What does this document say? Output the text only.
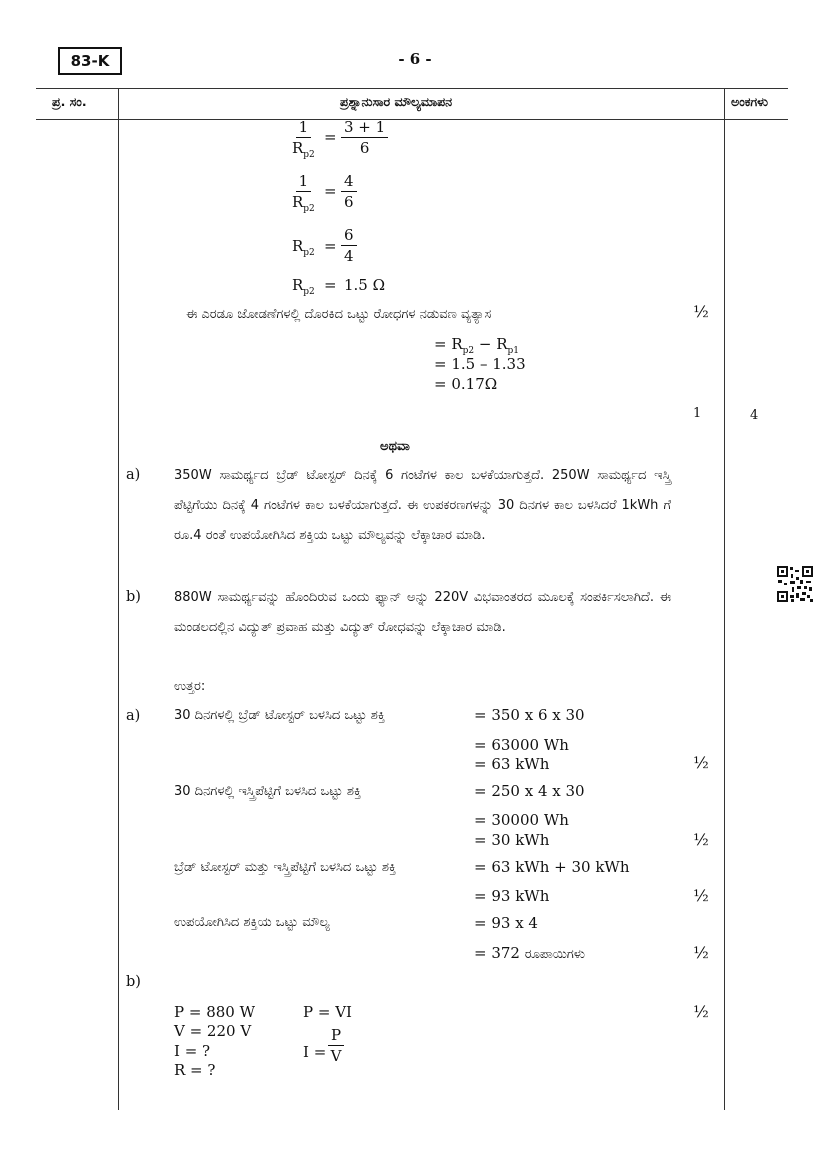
83-K	- 6 -
ಪ್ರ. ಸಂ.	ಪ್ರಶ್ನಾನುಸಾರ ಮೌಲ್ಯಮಾಪನ	ಅಂಕಗಳು
$\frac{1}{R_{p2}} = \frac{3 + 1}{6}$
$\frac{1}{R_{p2}} = \frac{4}{6}$
$R_{p2} = \frac{6}{4}$
$R_{p2} = 1.5$ Ω
ಈ ಎರಡೂ ಜೋಡಣೆಗಳಲ್ಲಿ ದೊರಕಿದ ಒಟ್ಟು ರೋಧಗಳ ನಡುವಣ ವ್ಯತ್ಯಾಸ	½
= $R_{p2} - R_{p1}$
= 1.5 – 1.33
= 0.17Ω
1	4
ಅಥವಾ
a)	350W ಸಾಮರ್ಥ್ಯದ ಬ್ರೆಡ್ ಟೋಸ್ಟರ್ ದಿನಕ್ಕೆ 6 ಗಂಟೆಗಳ ಕಾಲ ಬಳಕೆಯಾಗುತ್ತದೆ. 250W ಸಾಮರ್ಥ್ಯದ ಇಸ್ತ್ರಿ ಪೆಟ್ಟಿಗೆಯು ದಿನಕ್ಕೆ 4 ಗಂಟೆಗಳ ಕಾಲ ಬಳಕೆಯಾಗುತ್ತದೆ. ಈ ಉಪಕರಣಗಳನ್ನು 30 ದಿನಗಳ ಕಾಲ ಬಳಸಿದರೆ 1kWh ಗೆ ರೂ.4 ರಂತೆ ಉಪಯೋಗಿಸಿದ ಶಕ್ತಿಯ ಒಟ್ಟು ಮೌಲ್ಯವನ್ನು ಲೆಕ್ಕಾಚಾರ ಮಾಡಿ.
b)	880W ಸಾಮರ್ಥ್ಯವನ್ನು ಹೊಂದಿರುವ ಒಂದು ಫ್ಯಾನ್ ಅನ್ನು 220V ವಿಭವಾಂತರದ ಮೂಲಕ್ಕೆ ಸಂಪರ್ಕಿಸಲಾಗಿದೆ. ಈ ಮಂಡಲದಲ್ಲಿನ ವಿದ್ಯುತ್ ಪ್ರವಾಹ ಮತ್ತು ವಿದ್ಯುತ್ ರೋಧವನ್ನು ಲೆಕ್ಕಾಚಾರ ಮಾಡಿ.
ಉತ್ತರ:
a)	30 ದಿನಗಳಲ್ಲಿ ಬ್ರೆಡ್ ಟೋಸ್ಟರ್ ಬಳಸಿದ ಒಟ್ಟು ಶಕ್ತಿ	= 350 x 6 x 30
= 63000 Wh
= 63 kWh	½
30 ದಿನಗಳಲ್ಲಿ ಇಸ್ತ್ರಿಪೆಟ್ಟಿಗೆ ಬಳಸಿದ ಒಟ್ಟು ಶಕ್ತಿ	= 250 x 4 x 30
= 30000 Wh
= 30 kWh	½
ಬ್ರೆಡ್ ಟೋಸ್ಟರ್ ಮತ್ತು ಇಸ್ತ್ರಿಪೆಟ್ಟಿಗೆ ಬಳಸಿದ ಒಟ್ಟು ಶಕ್ತಿ	= 63 kWh + 30 kWh
= 93 kWh	½
ಉಪಯೋಗಿಸಿದ ಶಕ್ತಿಯ ಒಟ್ಟು ಮೌಲ್ಯ	= 93 x 4
= 372 ರೂಪಾಯಿಗಳು	½
b)
P = 880 W
V = 220 V
I = ?
R = ?
P = VI
$I = \frac{P}{V}$
½
